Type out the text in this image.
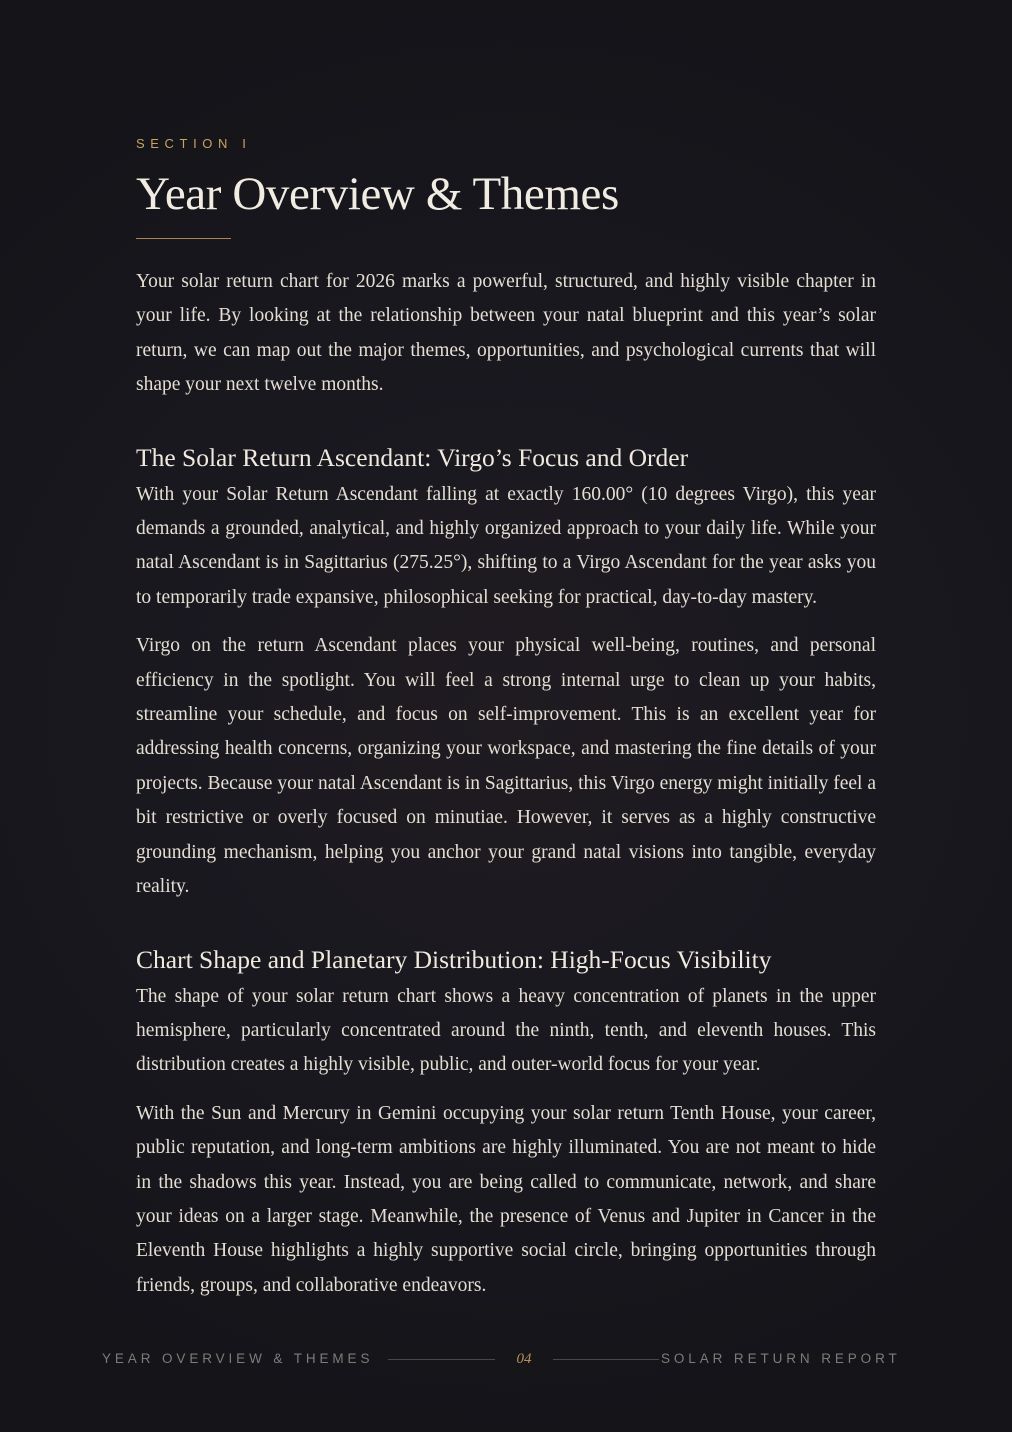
SECTION I
Year Overview & Themes

Your solar return chart for 2026 marks a powerful, structured, and highly visible chapter in your life. By looking at the relationship between your natal blueprint and this year’s solar return, we can map out the major themes, opportunities, and psychological currents that will shape your next twelve months.

The Solar Return Ascendant: Virgo’s Focus and Order

With your Solar Return Ascendant falling at exactly 160.00° (10 degrees Virgo), this year demands a grounded, analytical, and highly organized approach to your daily life. While your natal Ascendant is in Sagittarius (275.25°), shifting to a Virgo Ascendant for the year asks you to temporarily trade expansive, philosophical seeking for practical, day-to-day mastery.

Virgo on the return Ascendant places your physical well-being, routines, and personal efficiency in the spotlight. You will feel a strong internal urge to clean up your habits, streamline your schedule, and focus on self-improvement. This is an excellent year for addressing health concerns, organizing your workspace, and mastering the fine details of your projects. Because your natal Ascendant is in Sagittarius, this Virgo energy might initially feel a bit restrictive or overly focused on minutiae. However, it serves as a highly constructive grounding mechanism, helping you anchor your grand natal visions into tangible, everyday reality.

Chart Shape and Planetary Distribution: High-Focus Visibility

The shape of your solar return chart shows a heavy concentration of planets in the upper hemisphere, particularly concentrated around the ninth, tenth, and eleventh houses. This distribution creates a highly visible, public, and outer-world focus for your year.

With the Sun and Mercury in Gemini occupying your solar return Tenth House, your career, public reputation, and long-term ambitions are highly illuminated. You are not meant to hide in the shadows this year. Instead, you are being called to communicate, network, and share your ideas on a larger stage. Meanwhile, the presence of Venus and Jupiter in Cancer in the Eleventh House highlights a highly supportive social circle, bringing opportunities through friends, groups, and collaborative endeavors.

YEAR OVERVIEW & THEMES	04	SOLAR RETURN REPORT
